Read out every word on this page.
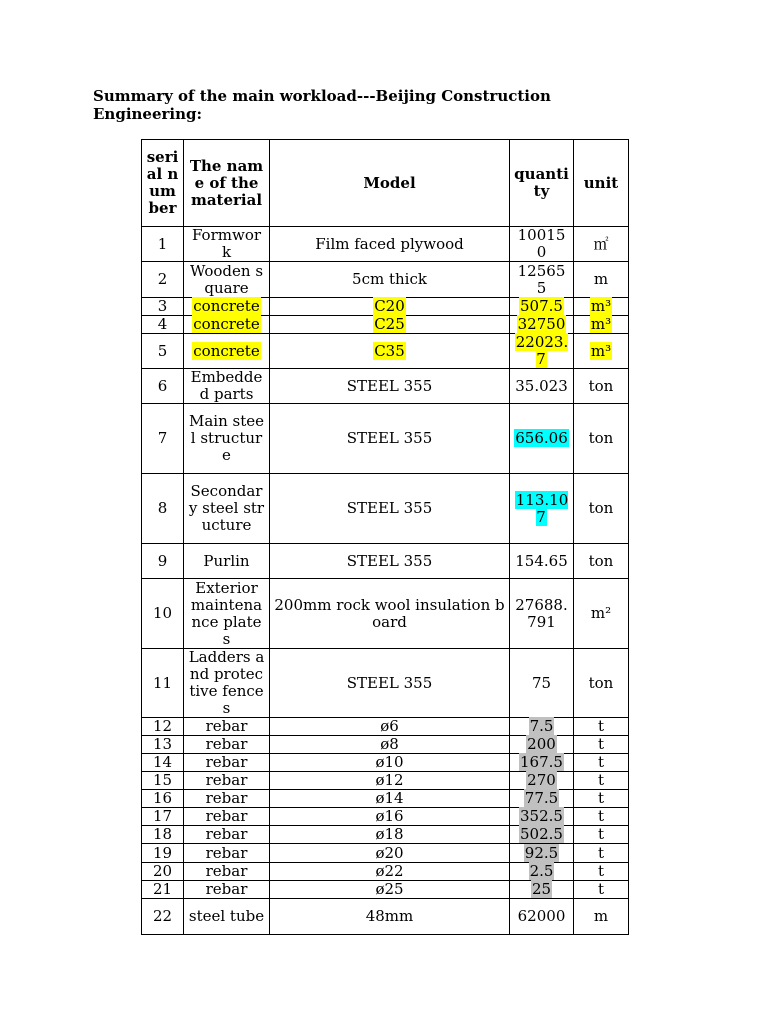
Summary of the main workload---Beijing Construction Engineering:
serial number	The name of the material	Model	quantity	unit
1	Formwork	Film faced plywood	100150	㎡
2	Wooden square	5cm thick	125655	m
3	concrete	C20	507.5	m³
4	concrete	C25	32750	m³
5	concrete	C35	22023.7	m³
6	Embedded parts	STEEL 355	35.023	ton
7	Main steel structure	STEEL 355	656.06	ton
8	Secondary steel structure	STEEL 355	113.107	ton
9	Purlin	STEEL 355	154.65	ton
10	Exterior maintenance plates	200mm rock wool insulation board	27688.791	m²
11	Ladders and protective fences	STEEL 355	75	ton
12	rebar	ø6	7.5	t
13	rebar	ø8	200	t
14	rebar	ø10	167.5	t
15	rebar	ø12	270	t
16	rebar	ø14	77.5	t
17	rebar	ø16	352.5	t
18	rebar	ø18	502.5	t
19	rebar	ø20	92.5	t
20	rebar	ø22	2.5	t
21	rebar	ø25	25	t
22	steel tube	48mm	62000	m
